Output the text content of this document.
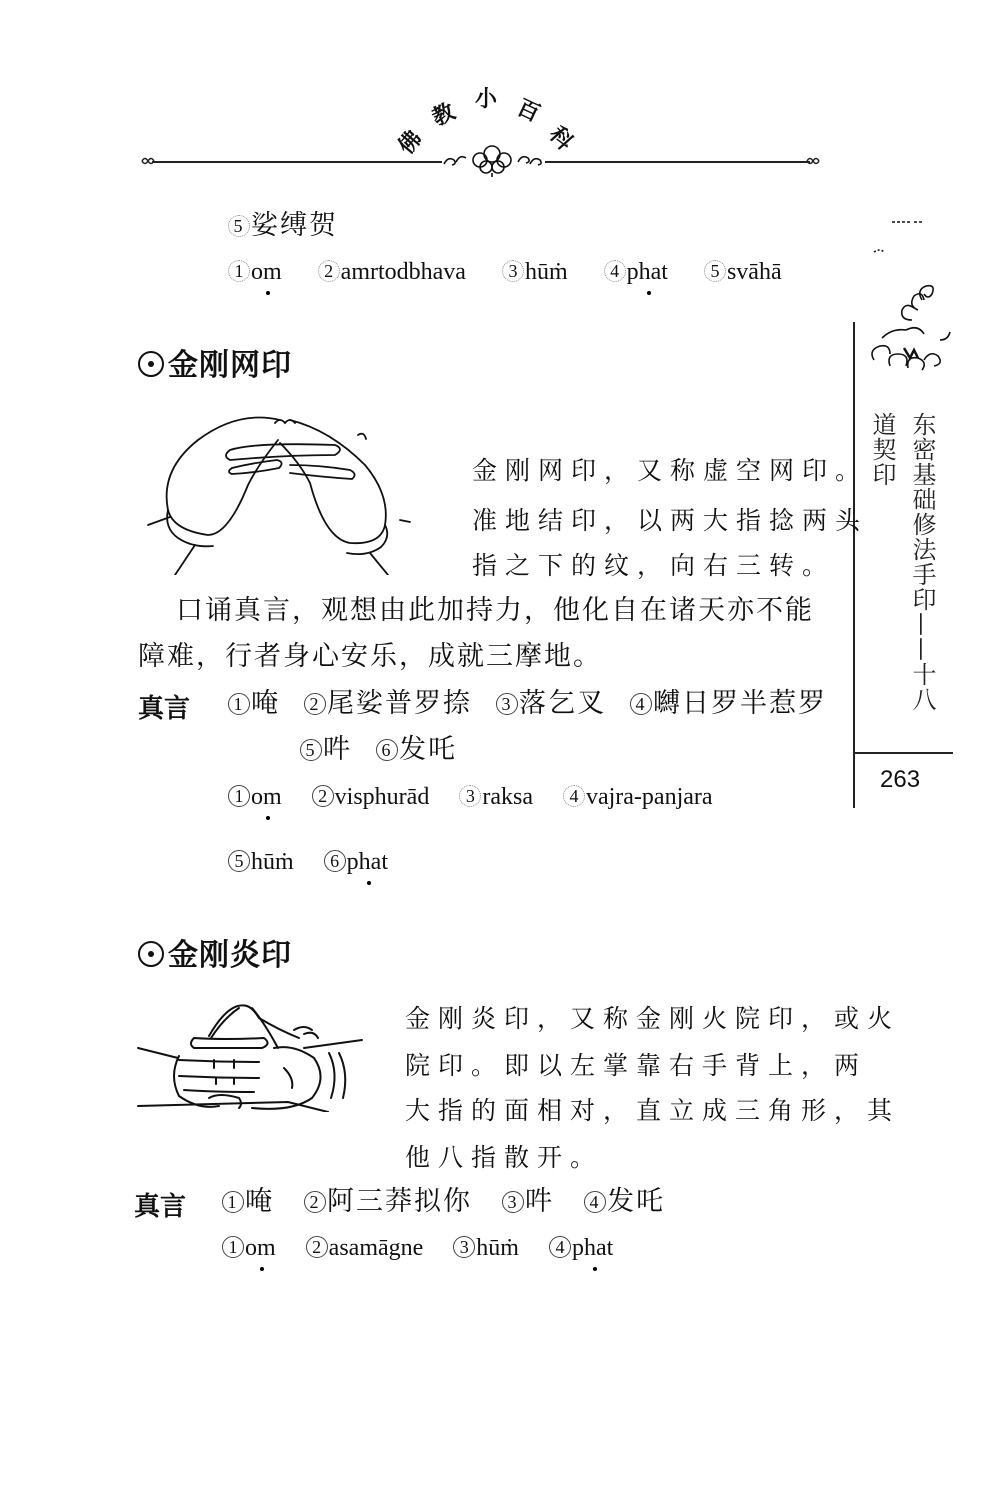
佛
教 小 百
科
东密基础修法手印——十八
道契印
263
5 娑缚贺
1 om 2 amrtodbhava 3 hūṁ 4 phat 5 svāhā
金刚网印
金刚网印，又称虚空网印。
准地结印，以两大指捻两头
指之下的纹，向右三转。
口诵真言，观想由此加持力，他化自在诸天亦不能
障难，行者身心安乐，成就三摩地。
真言	1 唵 2 尾娑普罗捺 3 落乞叉 4 嚩日罗半惹罗
5 吽 6 发吒
1 om 2 visphurād 3 raksa 4 vajra-panjara
5 hūṁ 6 phat
金刚炎印
金刚炎印，又称金刚火院印，或火
院印。即以左掌靠右手背上，两
大指的面相对，直立成三角形，其
他八指散开。
真言	1 唵 2 阿三莽拟你 3 吽 4 发吒
1 om 2 asamāgne 3 hūṁ 4 phat
